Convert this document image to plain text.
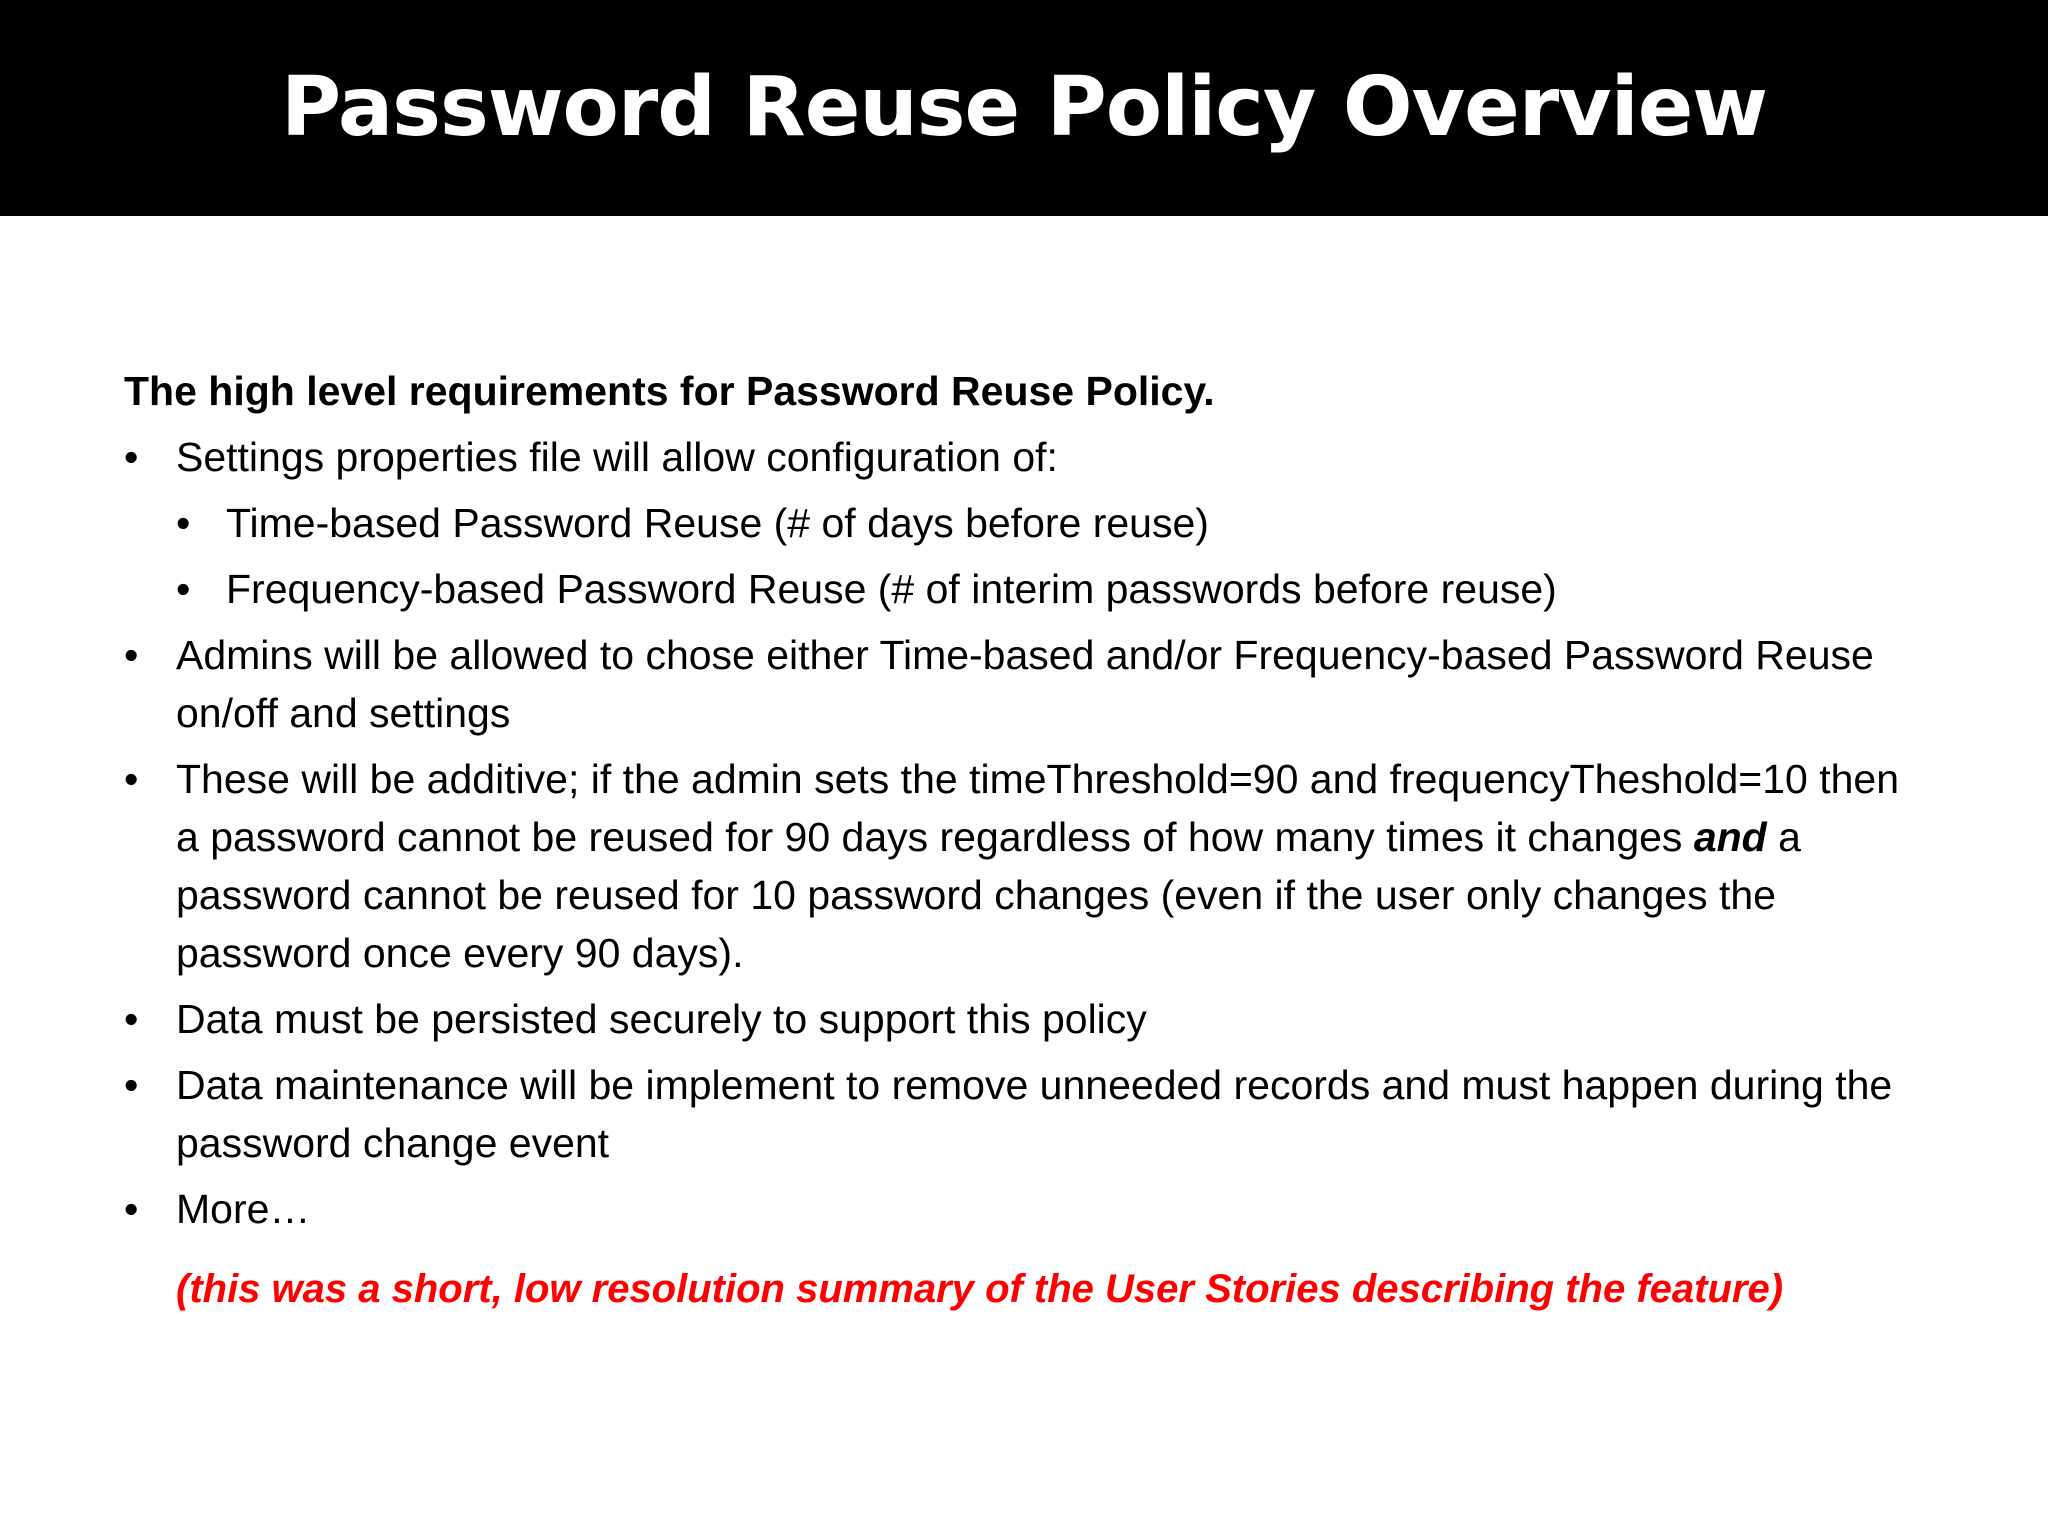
Password Reuse Policy Overview
The high level requirements for Password Reuse Policy.
• Settings properties file will allow configuration of:
• Time-based Password Reuse (# of days before reuse)
• Frequency-based Password Reuse (# of interim passwords before reuse)
• Admins will be allowed to chose either Time-based and/or Frequency-based Password Reuse on/off and settings
• These will be additive; if the admin sets the timeThreshold=90 and frequencyTheshold=10 then a password cannot be reused for 90 days regardless of how many times it changes and a password cannot be reused for 10 password changes (even if the user only changes the password once every 90 days).
• Data must be persisted securely to support this policy
• Data maintenance will be implement to remove unneeded records and must happen during the password change event
• More…
(this was a short, low resolution summary of the User Stories describing the feature)
